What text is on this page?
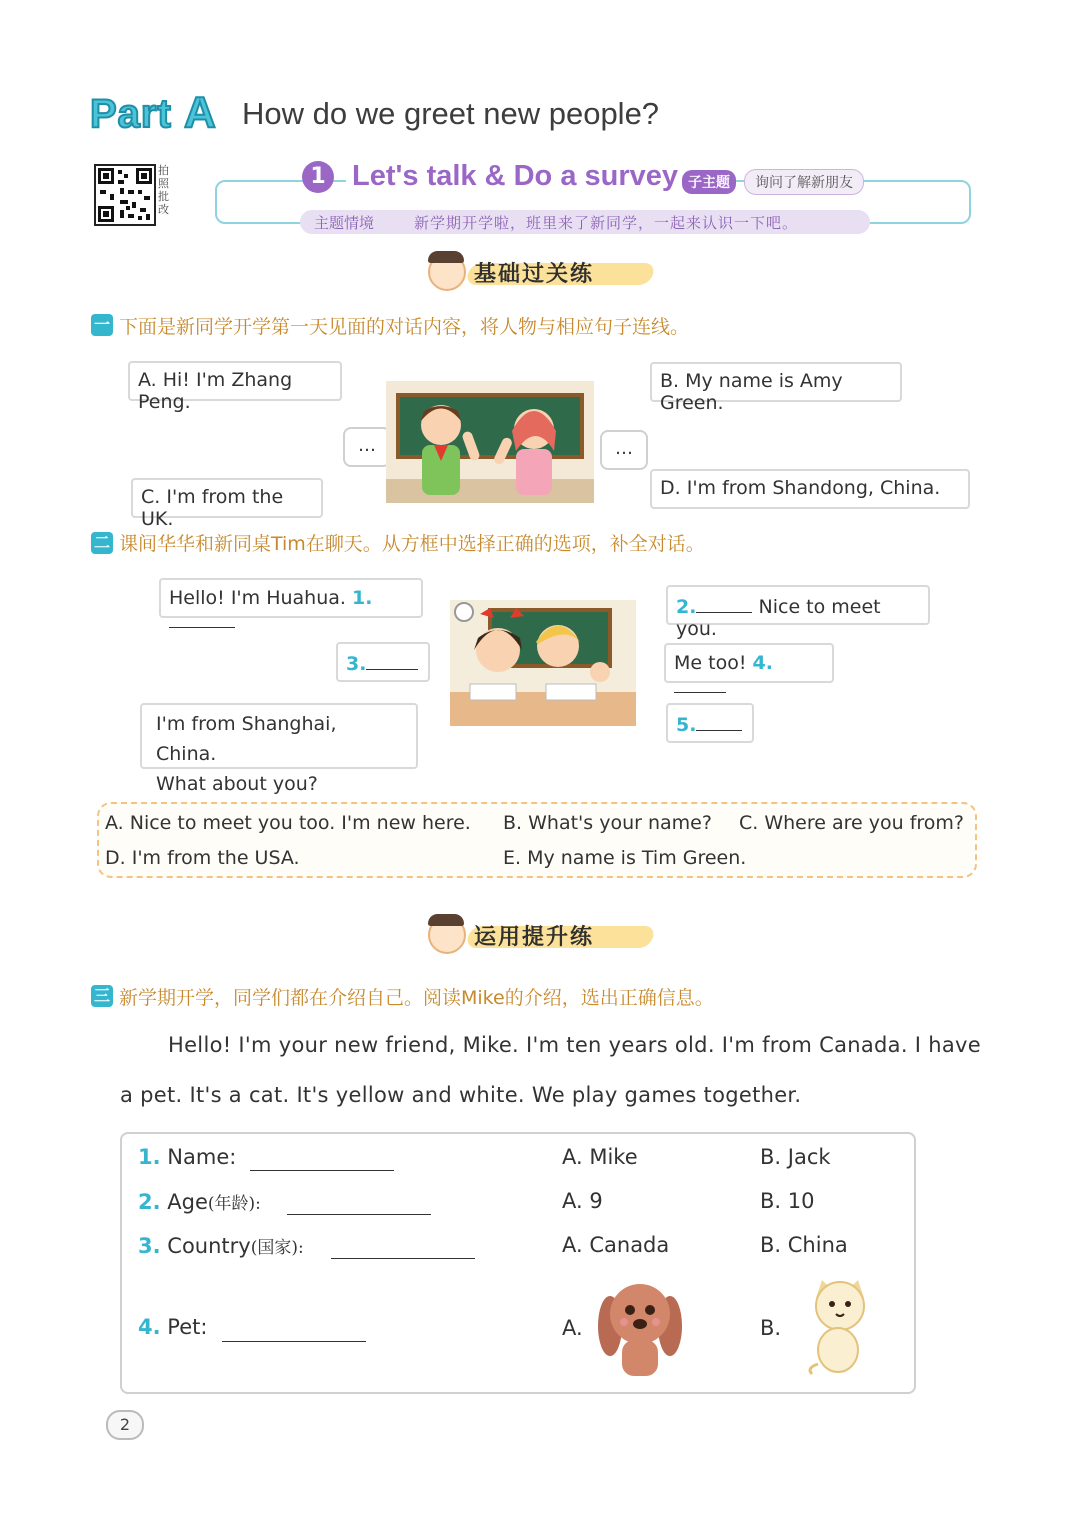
Part A How do we greet new people?
拍照批改
主题情境	新学期开学啦，班里来了新同学，一起来认识一下吧。
1 Let's talk & Do a survey 子主题	询问了解新朋友
基础过关练
一 下面是新同学开学第一天见面的对话内容，将人物与相应句子连线。
A. Hi! I'm Zhang Peng.
B. My name is Amy Green.
C. I'm from the UK.
D. I'm from Shandong, China.
…	…
二 课间华华和新同桌Tim在聊天。从方框中选择正确的选项，补全对话。
Hello! I'm Huahua. 1.	2.	Nice to meet you.
3.	Me too! 4.
I'm from Shanghai, China.
What about you?
5.
A. Nice to meet you too. I'm new here. B. What's your name? C. Where are you from?
D. I'm from the USA.	E. My name is Tim Green.
运用提升练
三 新学期开学，同学们都在介绍自己。阅读Mike的介绍，选出正确信息。
Hello! I'm your new friend, Mike. I'm ten years old. I'm from Canada. I have
a pet. It's a cat. It's yellow and white. We play games together.
1. Name:	A. Mike	B. Jack
2. Age(年龄):	A. 9	B. 10
3. Country(国家):	A. Canada	B. China
4. Pet:	A.	B.
2
